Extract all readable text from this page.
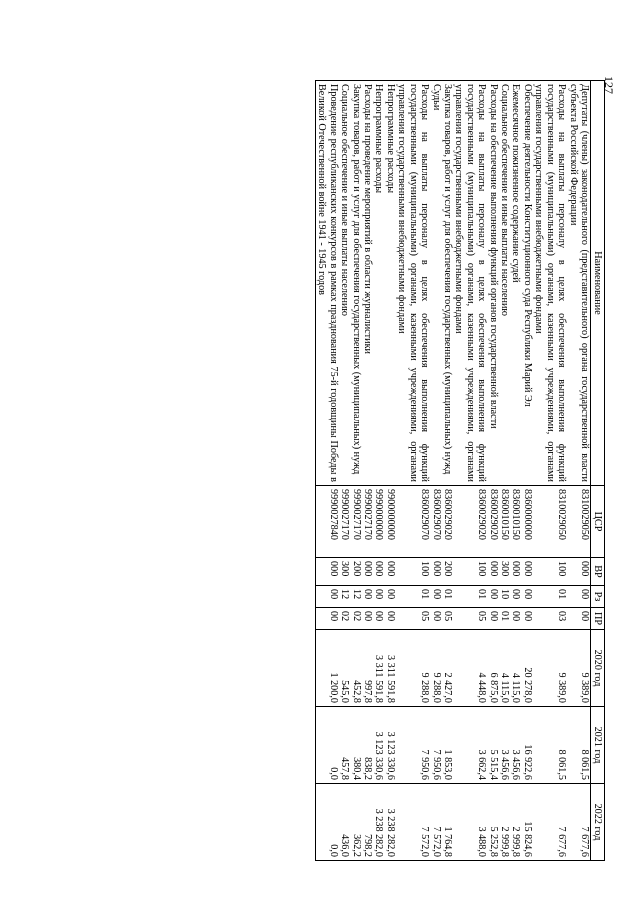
127
Наименование	ЦСР	ВР	Рз	ПР	2020 год	2021 год	2022 год
Депутаты (члены) законодательного (представительного) органа государственной власти субъекта Российской Федерации	8310029050	000	00	00	9 389,0	8 061,5	7 677,6

Расходы на выплаты персоналу в целях обеспечения выполнения функций государственными (муниципальными) органами, казенными учреждениями, органами управления государственными внебюджетными фондами	8310029050	100	01	03	9 389,0	8 061,5	7 677,6

Обеспечение деятельности Конституционного суда Республики Марий Эл	8360000000	000	00	00	20 278,0	16 922,6	15 824,6

Ежемесячное пожизненное содержание судей	8360010150	000	00	00	4 115,0	3 456,6	2 999,8

Социальное обеспечение и иные выплаты населению	8360010150	300	10	01	4 115,0	3 456,6	2 999,8

Расходы на обеспечение выполнения функций органов государственной власти	8360029020	000	00	00	6 875,0	5 515,4	5 252,8

Расходы на выплаты персоналу в целях обеспечения выполнения функций государственными (муниципальными) органами, казенными учреждениями, органами управления государственными внебюджетными фондами	8360029020	100	01	05	4 448,0	3 662,4	3 488,0

Закупка товаров, работ и услуг для обеспечения государственных (муниципальных) нужд	8360029020	200	01	05	2 427,0	1 853,0	1 764,8

Судьи	8360029070	000	00	00	9 288,0	7 950,6	7 572,0

Расходы на выплаты персоналу в целях обеспечения выполнения функций государственными (муниципальными) органами, казенными учреждениями, органами управления государственными внебюджетными фондами	8360029070	100	01	05	9 288,0	7 950,6	7 572,0

Непрограммные расходы	9900000000	000	00	00	3 311 591,8	3 123 330,6	3 238 282,0

Непрограммные расходы	9990000000	000	00	00	3 311 591,8	3 123 330,6	3 238 282,0

Расходы на проведение мероприятий в области журналистики	9990027170	000	00	00	997,8	838,2	798,2

Закупка товаров, работ и услуг для обеспечения государственных (муниципальных) нужд	9990027170	200	12	02	452,8	380,4	362,2

Социальное обеспечение и иные выплаты населению	9990027170	300	12	02	545,0	457,8	436,0

Проведение республиканских конкурсов в рамках празднования 75-й годовщины Победы в Великой Отечественной войне 1941 - 1945 годов	9990027840	000	00	00	1 200,0	0,0	0,0
